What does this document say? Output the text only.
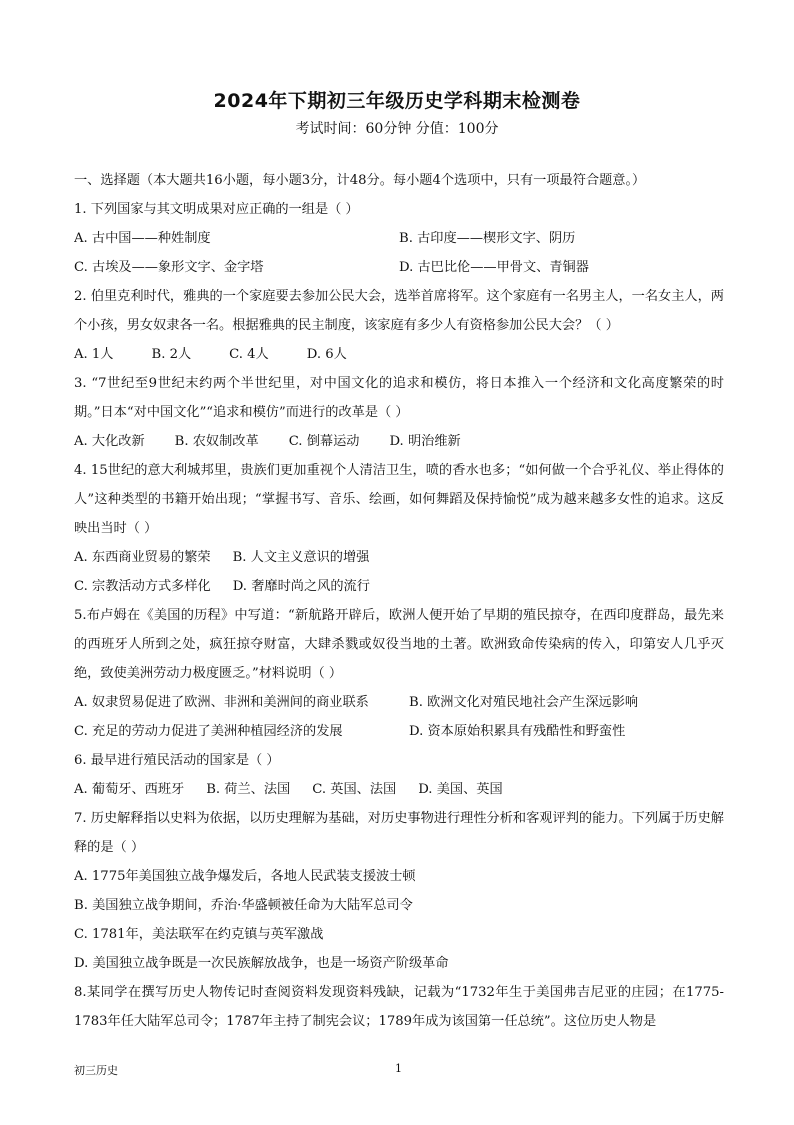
2024年下期初三年级历史学科期末检测卷
考试时间：60分钟 分值：100分
一、选择题（本大题共16小题，每小题3分，计48分。每小题4个选项中，只有一项最符合题意。）
1. 下列国家与其文明成果对应正确的一组是（ ）
A. 古中国——种姓制度	B. 古印度——楔形文字、阴历
C. 古埃及——象形文字、金字塔	D. 古巴比伦——甲骨文、青铜器
2. 伯里克利时代，雅典的一个家庭要去参加公民大会，选举首席将军。这个家庭有一名男主人，一名女主人，两个小孩，男女奴隶各一名。根据雅典的民主制度，该家庭有多少人有资格参加公民大会？（ ）
A. 1人	B. 2人	C. 4人	D. 6人
3. “7世纪至9世纪末约两个半世纪里，对中国文化的追求和模仿，将日本推入一个经济和文化高度繁荣的时期。”日本“对中国文化”“追求和模仿”而进行的改革是（ ）
A. 大化改新 B. 农奴制改革 C. 倒幕运动 D. 明治维新
4. 15世纪的意大利城邦里，贵族们更加重视个人清洁卫生，喷的香水也多；“如何做一个合乎礼仪、举止得体的人”这种类型的书籍开始出现；“掌握书写、音乐、绘画，如何舞蹈及保持愉悦”成为越来越多女性的追求。这反映出当时（ ）
A. 东西商业贸易的繁荣 B. 人文主义意识的增强
C. 宗教活动方式多样化 D. 奢靡时尚之风的流行
5.布卢姆在《美国的历程》中写道：“新航路开辟后，欧洲人便开始了早期的殖民掠夺，在西印度群岛，最先来的西班牙人所到之处，疯狂掠夺财富，大肆杀戮或奴役当地的土著。欧洲致命传染病的传入，印第安人几乎灭绝，致使美洲劳动力极度匮乏。”材料说明（ ）
A. 奴隶贸易促进了欧洲、非洲和美洲间的商业联系	B. 欧洲文化对殖民地社会产生深远影响
C. 充足的劳动力促进了美洲种植园经济的发展	D. 资本原始积累具有残酷性和野蛮性
6. 最早进行殖民活动的国家是（ ）
A. 葡萄牙、西班牙 B. 荷兰、法国 C. 英国、法国 D. 美国、英国
7. 历史解释指以史料为依据，以历史理解为基础，对历史事物进行理性分析和客观评判的能力。下列属于历史解释的是（ ）
A. 1775年美国独立战争爆发后，各地人民武装支援波士顿
B. 美国独立战争期间，乔治·华盛顿被任命为大陆军总司令
C. 1781年，美法联军在约克镇与英军激战
D. 美国独立战争既是一次民族解放战争，也是一场资产阶级革命
8.某同学在撰写历史人物传记时查阅资料发现资料残缺，记载为“1732年生于美国弗吉尼亚的庄园；在1775-1783年任大陆军总司令；1787年主持了制宪会议；1789年成为该国第一任总统”。这位历史人物是
初三历史	1
